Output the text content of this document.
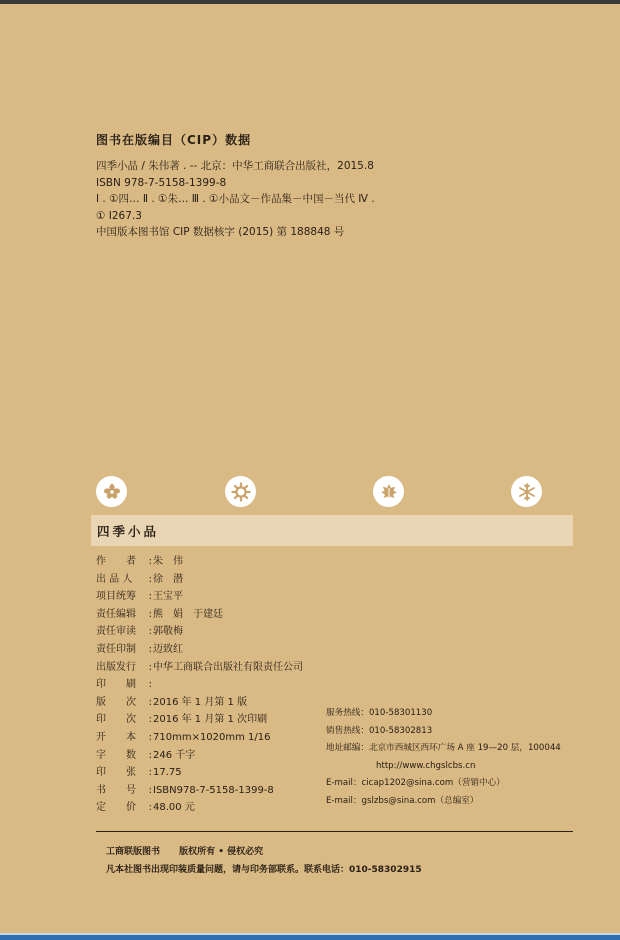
图书在版编目（CIP）数据
四季小品 / 朱伟著 . -- 北京：中华工商联合出版社，2015.8
ISBN 978-7-5158-1399-8
Ⅰ . ①四… Ⅱ . ①朱… Ⅲ . ①小品文－作品集－中国－当代 Ⅳ .
① I267.3
中国版本图书馆 CIP 数据核字 (2015) 第 188848 号
四季小品
作　　者 : 朱　伟
出 品 人 : 徐　潜
项目统筹 : 王宝平
责任编辑 : 熊　娟　于建廷
责任审读 : 郭敬梅
责任印制 : 迈致红
出版发行 : 中华工商联合出版社有限责任公司
印　　刷 :
版　　次 : 2016 年 1 月第 1 版
印　　次 : 2016 年 1 月第 1 次印刷
开　　本 : 710mm×1020mm 1/16
字　　数 : 246 千字
印　　张 : 17.75
书　　号 : ISBN978-7-5158-1399-8
定　　价 : 48.00 元
服务热线：010-58301130
销售热线：010-58302813
地址邮编：北京市西城区西环广场 A 座 19—20 层，100044
http://www.chgslcbs.cn
E-mail：cicap1202@sina.com（营销中心）
E-mail：gslzbs@sina.com（总编室）
工商联版图书 版权所有 • 侵权必究
凡本社图书出现印装质量问题，请与印务部联系。联系电话：010-58302915
